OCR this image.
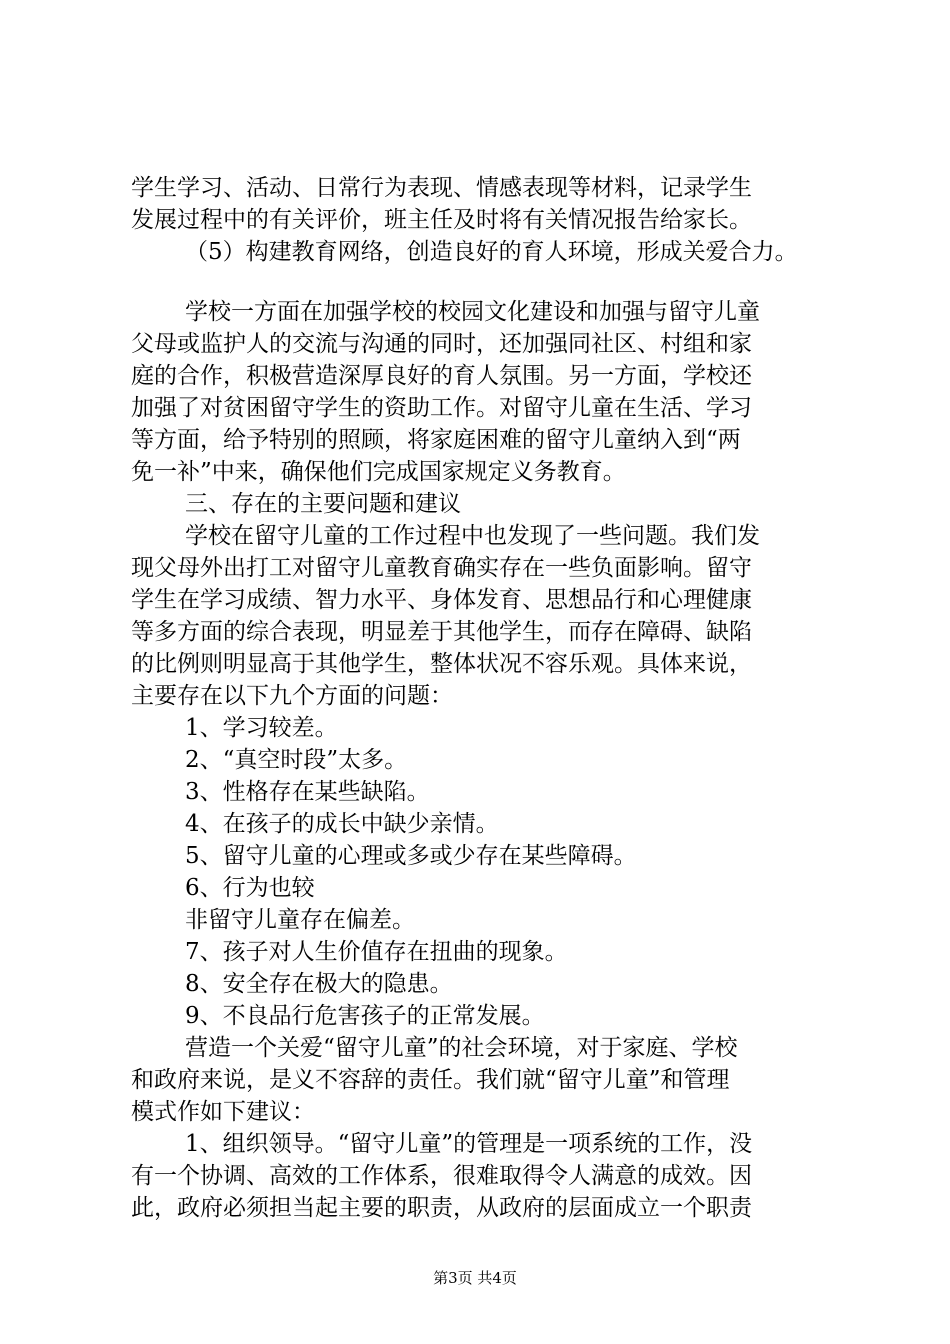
学生学习、活动、日常行为表现、情感表现等材料，记录学生
发展过程中的有关评价，班主任及时将有关情况报告给家长。
（5）构建教育网络，创造良好的育人环境，形成关爱合力。
学校一方面在加强学校的校园文化建设和加强与留守儿童
父母或监护人的交流与沟通的同时，还加强同社区、村组和家
庭的合作，积极营造深厚良好的育人氛围。另一方面，学校还
加强了对贫困留守学生的资助工作。对留守儿童在生活、学习
等方面，给予特别的照顾，将家庭困难的留守儿童纳入到“两
免一补”中来，确保他们完成国家规定义务教育。
三、存在的主要问题和建议
学校在留守儿童的工作过程中也发现了一些问题。我们发
现父母外出打工对留守儿童教育确实存在一些负面影响。留守
学生在学习成绩、智力水平、身体发育、思想品行和心理健康
等多方面的综合表现，明显差于其他学生，而存在障碍、缺陷
的比例则明显高于其他学生，整体状况不容乐观。具体来说，
主要存在以下九个方面的问题：
1、学习较差。
2、“真空时段”太多。
3、性格存在某些缺陷。
4、在孩子的成长中缺少亲情。
5、留守儿童的心理或多或少存在某些障碍。
6、行为也较
非留守儿童存在偏差。
7、孩子对人生价值存在扭曲的现象。
8、安全存在极大的隐患。
9、不良品行危害孩子的正常发展。
营造一个关爱“留守儿童”的社会环境，对于家庭、学校
和政府来说，是义不容辞的责任。我们就“留守儿童”和管理
模式作如下建议：
1、组织领导。“留守儿童”的管理是一项系统的工作，没
有一个协调、高效的工作体系，很难取得令人满意的成效。因
此，政府必须担当起主要的职责，从政府的层面成立一个职责
第3页 共4页
